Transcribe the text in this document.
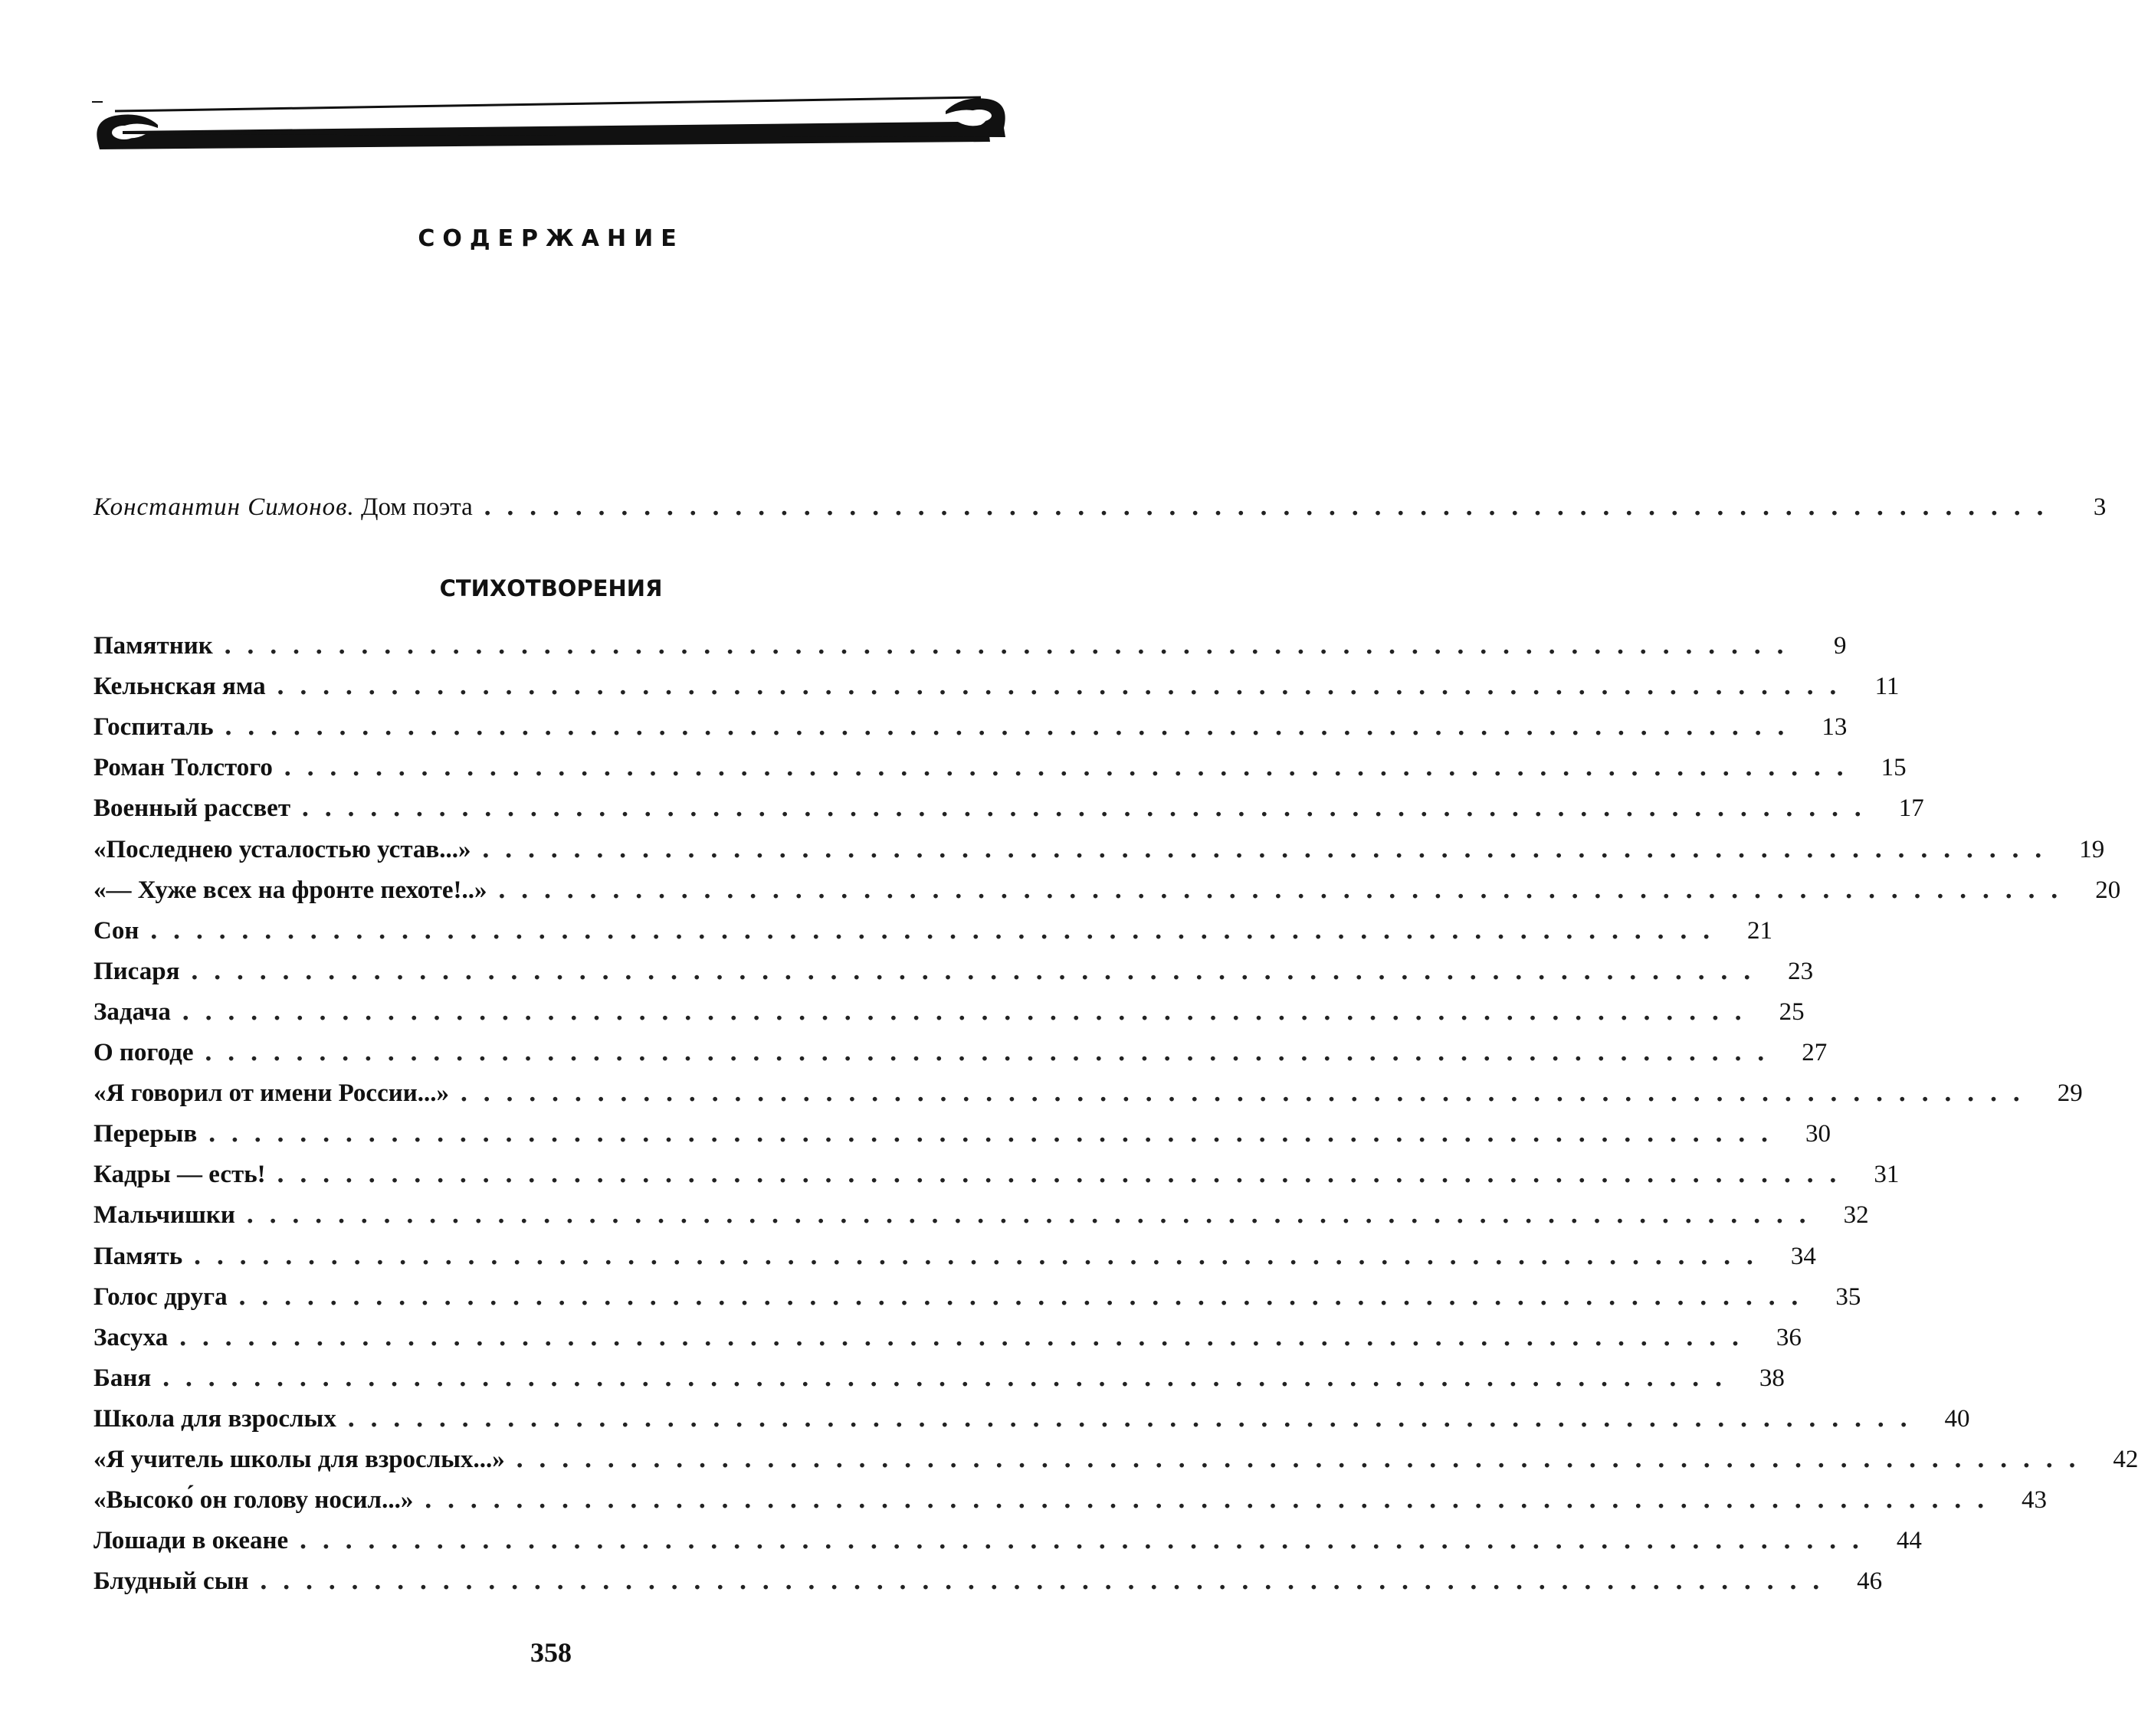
СОДЕРЖАНИЕ
Константин Симонов. Дом поэта .....................................................................	3
СТИХОТВОРЕНИЯ
Памятник .....................................................................	9
Кельнская яма ..................................................................... 11
Госпиталь ..................................................................... 13
Роман Толстого ..................................................................... 15
Военный рассвет ..................................................................... 17
«Последнею усталостью устав...» ..................................................................... 19
«— Хуже всех на фронте пехоте!..» ..................................................................... 20
Сон ..................................................................... 21
Писаря ..................................................................... 23
Задача ..................................................................... 25
О погоде ..................................................................... 27
«Я говорил от имени России...» ..................................................................... 29
Перерыв ..................................................................... 30
Кадры — есть! ..................................................................... 31
Мальчишки ..................................................................... 32
Память ..................................................................... 34
Голос друга ..................................................................... 35
Засуха ..................................................................... 36
Баня ..................................................................... 38
Школа для взрослых ..................................................................... 40
«Я учитель школы для взрослых...» ..................................................................... 42
«Высоко́ он голову носил...» ..................................................................... 43
Лошади в океане ..................................................................... 44
Блудный сын ..................................................................... 46
358
